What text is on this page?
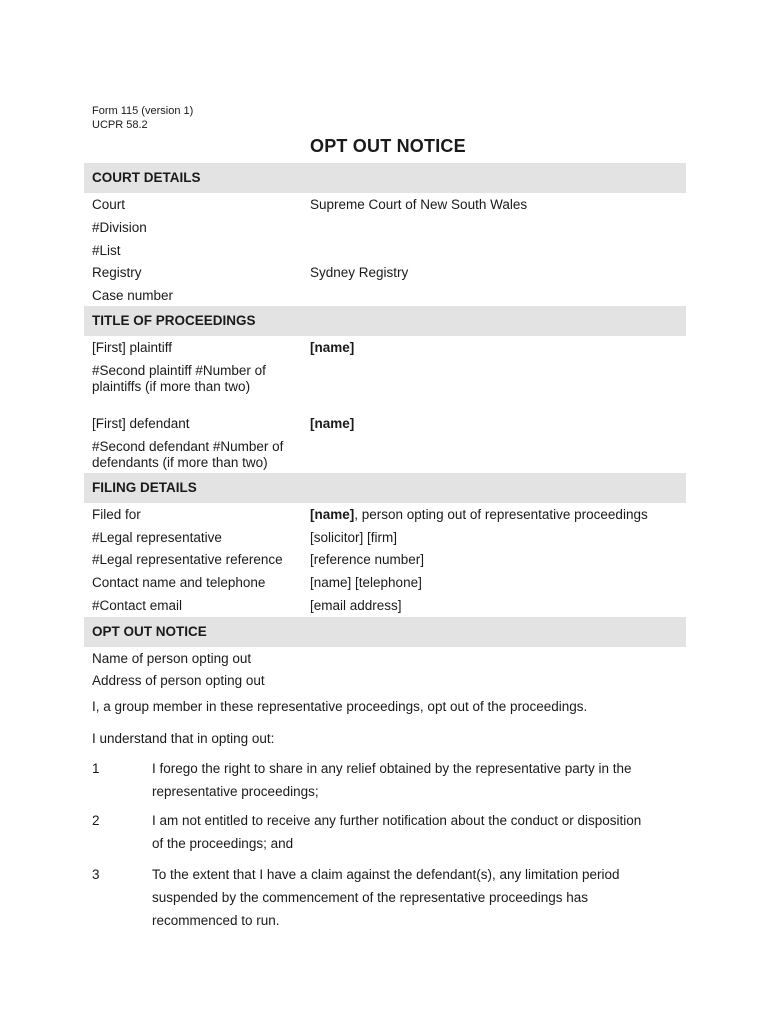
Form 115 (version 1)
UCPR 58.2
OPT OUT NOTICE
COURT DETAILS
Court	Supreme Court of New South Wales
#Division
#List
Registry	Sydney Registry
Case number
TITLE OF PROCEEDINGS
[First] plaintiff	[name]
#Second plaintiff #Number of
plaintiffs (if more than two)
[First] defendant	[name]
#Second defendant #Number of
defendants (if more than two)
FILING DETAILS
Filed for	[name], person opting out of representative proceedings
#Legal representative	[solicitor] [firm]
#Legal representative reference [reference number]
Contact name and telephone	[name] [telephone]
#Contact email	[email address]
OPT OUT NOTICE
Name of person opting out
Address of person opting out
I, a group member in these representative proceedings, opt out of the proceedings.
I understand that in opting out:
1	I forego the right to share in any relief obtained by the representative party in the
representative proceedings;
2	I am not entitled to receive any further notification about the conduct or disposition
of the proceedings; and
3	To the extent that I have a claim against the defendant(s), any limitation period
suspended by the commencement of the representative proceedings has
recommenced to run.
